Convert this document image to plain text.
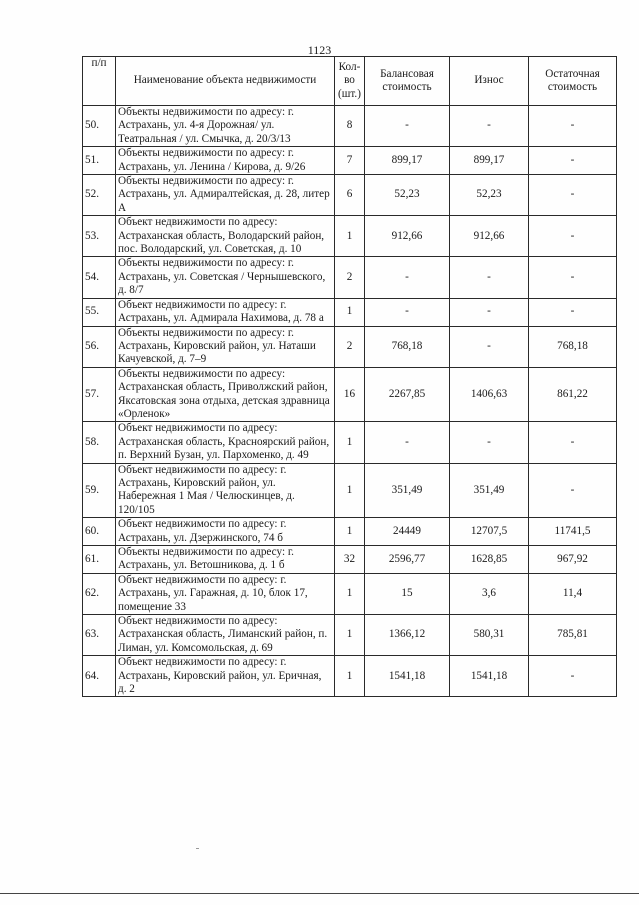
1123
п/п	Наименование объекта недвижимости	Кол-во (шт.)	Балансовая стоимость	Износ	Остаточная стоимость
50.	Объекты недвижимости по адресу: г. Астрахань, ул. 4-я Дорожная/ ул. Театральная / ул. Смычка, д. 20/3/13	8	-	-	-
51.	Объекты недвижимости по адресу: г. Астрахань, ул. Ленина / Кирова, д. 9/26	7	899,17	899,17	-
52.	Объекты недвижимости по адресу: г. Астрахань, ул. Адмиралтейская, д. 28, литер А	6	52,23	52,23	-
53.	Объект недвижимости по адресу: Астраханская область, Володарский район, пос. Володарский, ул. Советская, д. 10	1	912,66	912,66	-
54.	Объекты недвижимости по адресу: г. Астрахань, ул. Советская / Чернышевского, д. 8/7	2	-	-	-
55.	Объект недвижимости по адресу: г. Астрахань, ул. Адмирала Нахимова, д. 78 а	1	-	-	-
56.	Объекты недвижимости по адресу: г. Астрахань, Кировский район, ул. Наташи Качуевской, д. 7–9	2	768,18	-	768,18
57.	Объекты недвижимости по адресу: Астраханская область, Приволжский район, Яксатовская зона отдыха, детская здравница «Орленок»	16	2267,85	1406,63	861,22
58.	Объект недвижимости по адресу: Астраханская область, Красноярский район, п. Верхний Бузан, ул. Пархоменко, д. 49	1	-	-	-
59.	Объект недвижимости по адресу: г. Астрахань, Кировский район, ул. Набережная 1 Мая / Челюскинцев, д. 120/105	1	351,49	351,49	-
60.	Объект недвижимости по адресу: г. Астрахань, ул. Дзержинского, 74 б	1	24449	12707,5	11741,5
61.	Объекты недвижимости по адресу: г. Астрахань, ул. Ветошникова, д. 1 б	32	2596,77	1628,85	967,92
62.	Объект недвижимости по адресу: г. Астрахань, ул. Гаражная, д. 10, блок 17, помещение 33	1	15	3,6	11,4
63.	Объект недвижимости по адресу: Астраханская область, Лиманский район, п. Лиман, ул. Комсомольская, д. 69	1	1366,12	580,31	785,81
64.	Объект недвижимости по адресу: г. Астрахань, Кировский район, ул. Еричная, д. 2	1	1541,18	1541,18	-
